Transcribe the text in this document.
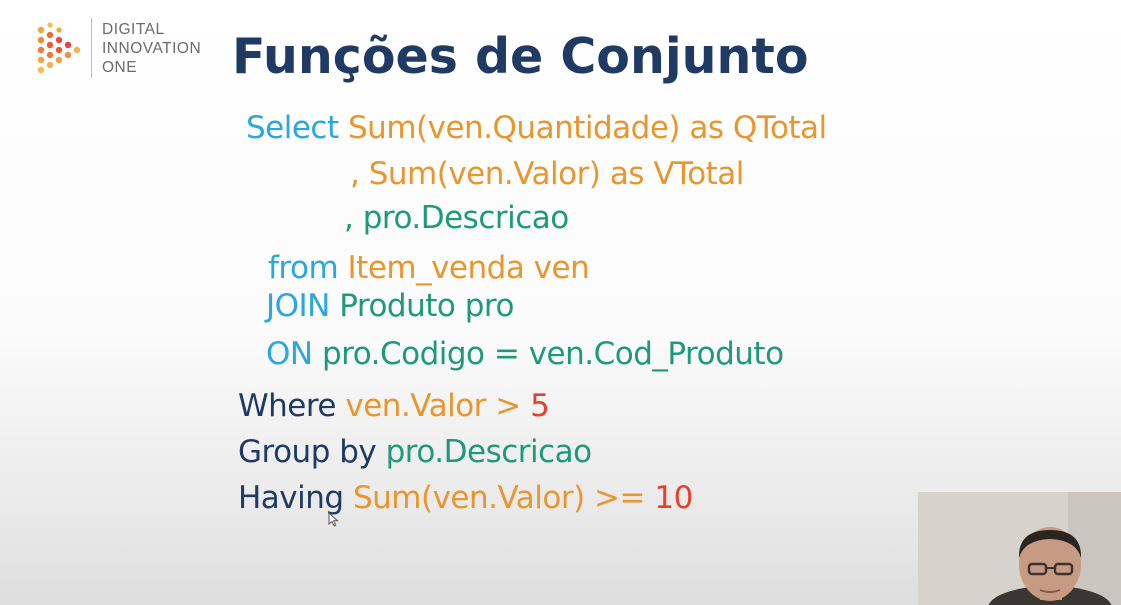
DIGITAL
INNOVATION
ONE	Funções de Conjunto
Select Sum(ven.Quantidade) as QTotal
, Sum(ven.Valor) as VTotal
, pro.Descricao
from Item_venda ven
JOIN Produto pro
ON pro.Codigo = ven.Cod_Produto
Where ven.Valor > 5
Group by pro.Descricao
Having Sum(ven.Valor) >= 10
